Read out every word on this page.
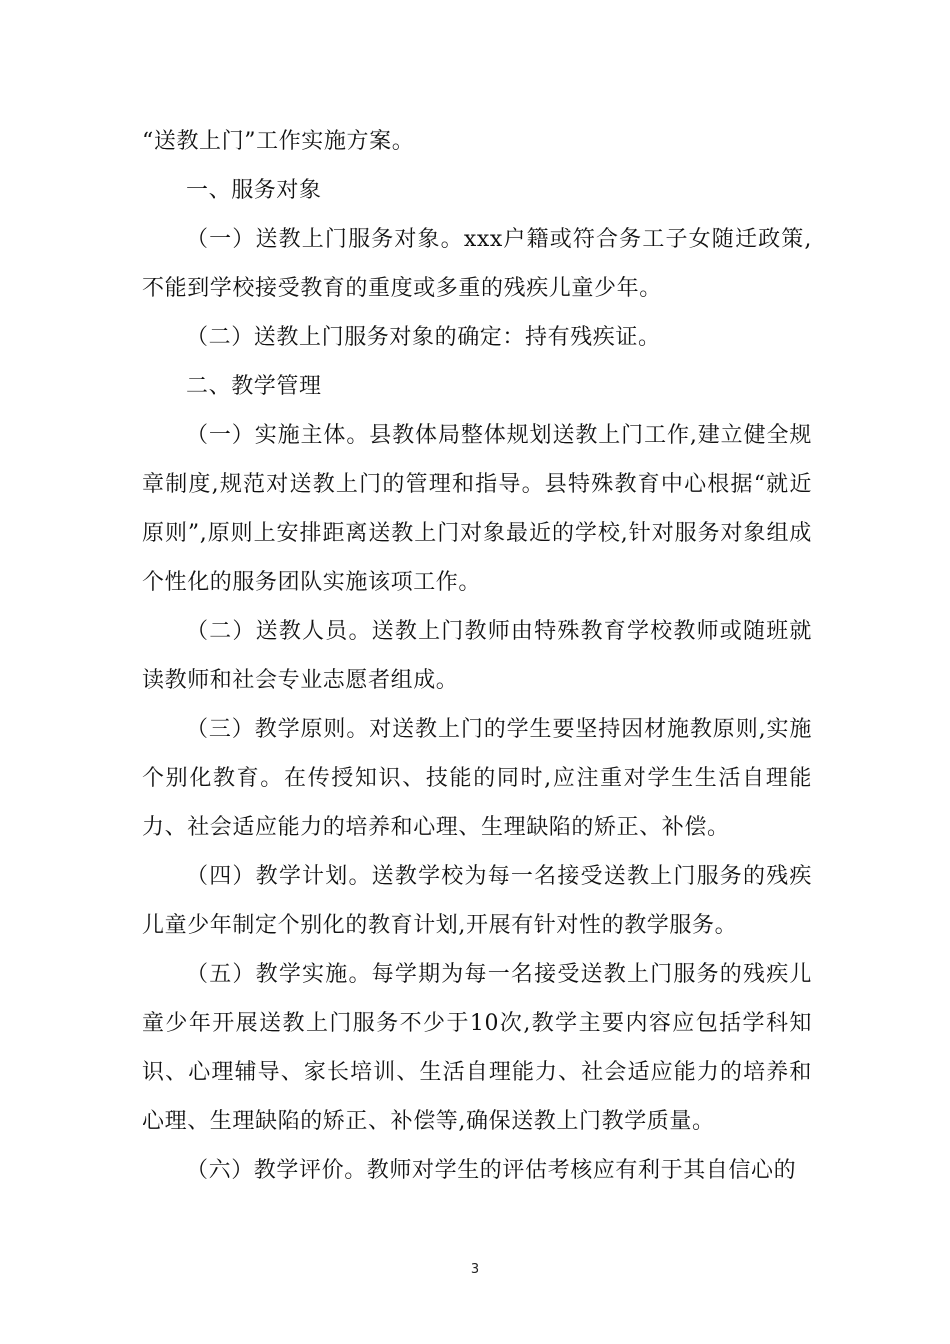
“送教上门”工作实施方案。

一、服务对象

（一）送教上门服务对象。xxx户籍或符合务工子女随迁政策,不能到学校接受教育的重度或多重的残疾儿童少年。

（二）送教上门服务对象的确定：持有残疾证。

二、教学管理

（一）实施主体。县教体局整体规划送教上门工作,建立健全规章制度,规范对送教上门的管理和指导。县特殊教育中心根据“就近原则”,原则上安排距离送教上门对象最近的学校,针对服务对象组成个性化的服务团队实施该项工作。

（二）送教人员。送教上门教师由特殊教育学校教师或随班就读教师和社会专业志愿者组成。

（三）教学原则。对送教上门的学生要坚持因材施教原则,实施个别化教育。在传授知识、技能的同时,应注重对学生生活自理能力、社会适应能力的培养和心理、生理缺陷的矫正、补偿。

（四）教学计划。送教学校为每一名接受送教上门服务的残疾儿童少年制定个别化的教育计划,开展有针对性的教学服务。

（五）教学实施。每学期为每一名接受送教上门服务的残疾儿童少年开展送教上门服务不少于10次,教学主要内容应包括学科知识、心理辅导、家长培训、生活自理能力、社会适应能力的培养和心理、生理缺陷的矫正、补偿等,确保送教上门教学质量。

（六）教学评价。教师对学生的评估考核应有利于其自信心的

3
